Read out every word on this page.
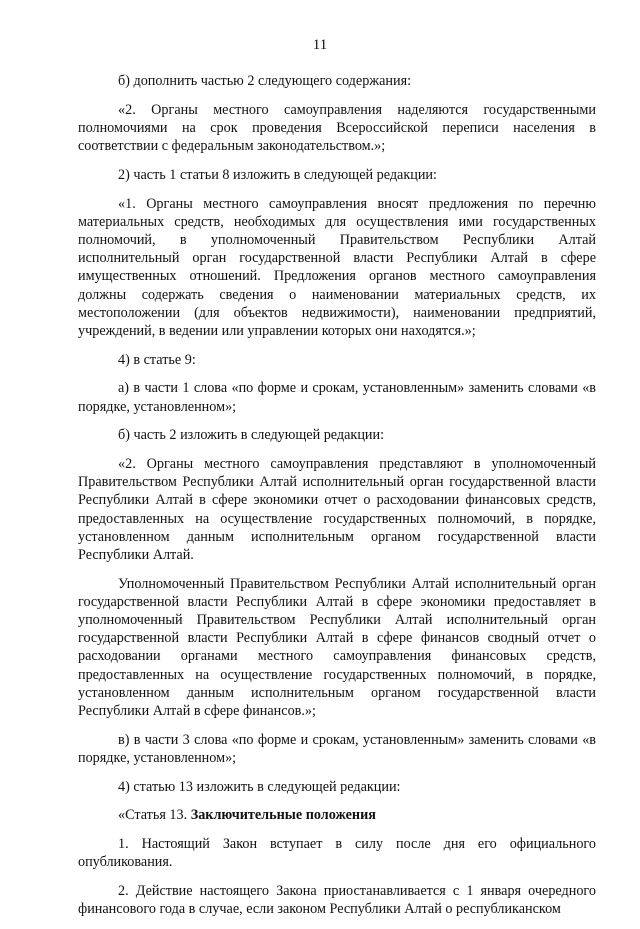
11

б) дополнить частью 2 следующего содержания:

«2. Органы местного самоуправления наделяются государственными полномочиями на срок проведения Всероссийской переписи населения в соответствии с федеральным законодательством.»;

2) часть 1 статьи 8 изложить в следующей редакции:

«1. Органы местного самоуправления вносят предложения по перечню материальных средств, необходимых для осуществления ими государственных полномочий, в уполномоченный Правительством Республики Алтай исполнительный орган государственной власти Республики Алтай в сфере имущественных отношений. Предложения органов местного самоуправления должны содержать сведения о наименовании материальных средств, их местоположении (для объектов недвижимости), наименовании предприятий, учреждений, в ведении или управлении которых они находятся.»;

4) в статье 9:

а) в части 1 слова «по форме и срокам, установленным» заменить словами «в порядке, установленном»;

б) часть 2 изложить в следующей редакции:

«2. Органы местного самоуправления представляют в уполномоченный Правительством Республики Алтай исполнительный орган государственной власти Республики Алтай в сфере экономики отчет о расходовании финансовых средств, предоставленных на осуществление государственных полномочий, в порядке, установленном данным исполнительным органом государственной власти Республики Алтай.

Уполномоченный Правительством Республики Алтай исполнительный орган государственной власти Республики Алтай в сфере экономики предоставляет в уполномоченный Правительством Республики Алтай исполнительный орган государственной власти Республики Алтай в сфере финансов сводный отчет о расходовании органами местного самоуправления финансовых средств, предоставленных на осуществление государственных полномочий, в порядке, установленном данным исполнительным органом государственной власти Республики Алтай в сфере финансов.»;

в) в части 3 слова «по форме и срокам, установленным» заменить словами «в порядке, установленном»;

4) статью 13 изложить в следующей редакции:

«Статья 13. Заключительные положения

1. Настоящий Закон вступает в силу после дня его официального опубликования.

2. Действие настоящего Закона приостанавливается с 1 января очередного финансового года в случае, если законом Республики Алтай о республиканском
